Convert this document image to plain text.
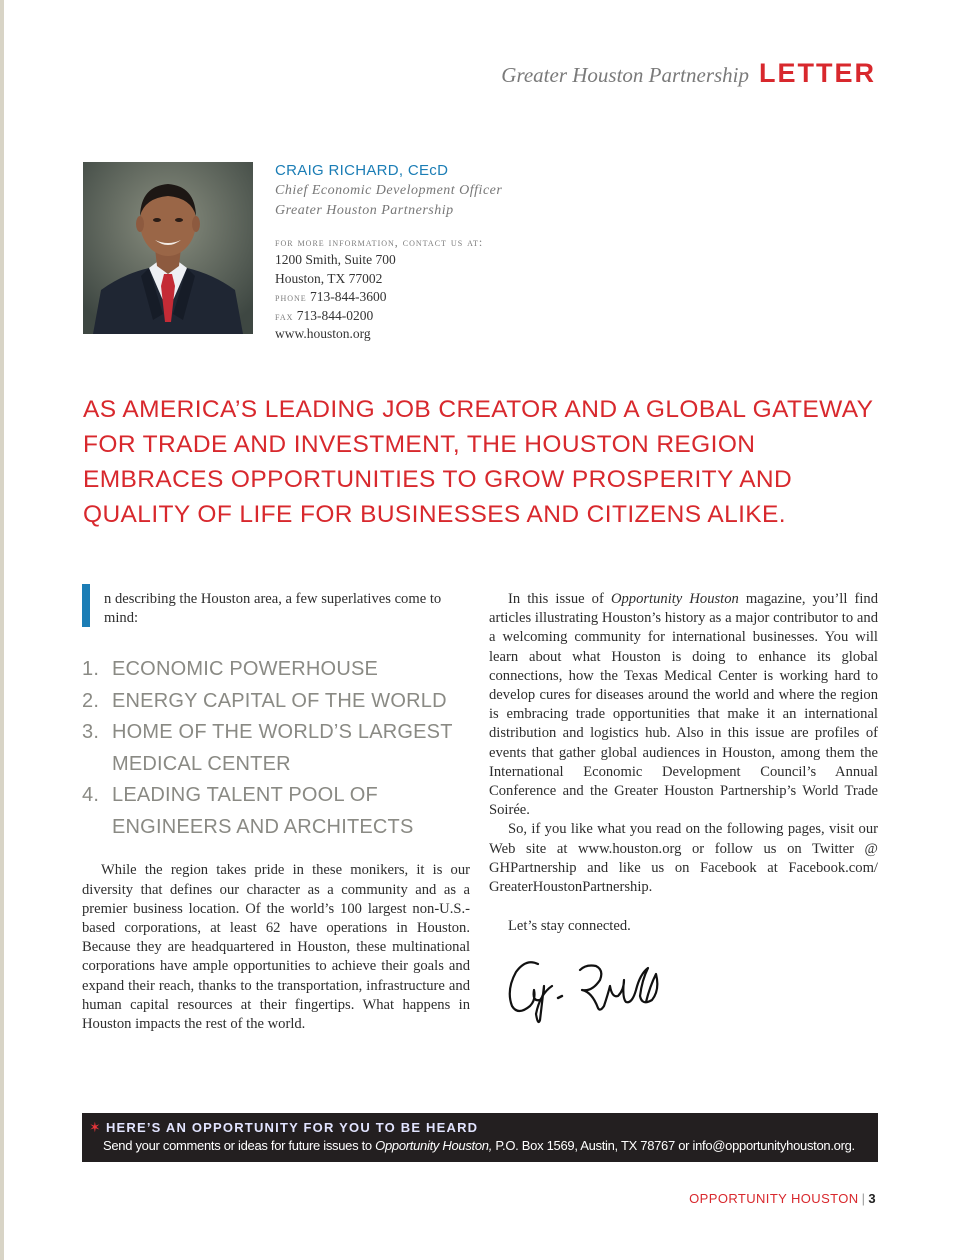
Greater Houston Partnership LETTER

CRAIG RICHARD, CEcD

Chief Economic Development Officer
Greater Houston Partnership
for more information, contact us at:
1200 Smith, Suite 700
Houston, TX 77002
phone 713-844-3600
fax 713-844-0200
www.houston.org
AS AMERICA’S LEADING JOB CREATOR AND A GLOBAL GATEWAY FOR TRADE AND INVESTMENT, THE HOUSTON REGION EMBRACES OPPORTUNITIES TO GROW PROSPERITY AND QUALITY OF LIFE FOR BUSINESSES AND CITIZENS ALIKE.

n describing the Houston area, a few superlatives come to mind:

1. ECONOMIC POWERHOUSE
2. ENERGY CAPITAL OF THE WORLD
3. HOME OF THE WORLD’S LARGEST MEDICAL CENTER
4. LEADING TALENT POOL OF ENGINEERS AND ARCHITECTS

While the region takes pride in these monikers, it is our diversity that defines our character as a community and as a premier business location. Of the world’s 100 largest non-U.S.-based corporations, at least 62 have operations in Houston. Because they are headquartered in Houston, these multinational corporations have ample opportunities to achieve their goals and expand their reach, thanks to the transportation, infrastructure and human capital resources at their fingertips. What happens in Houston impacts the rest of the world.

In this issue of Opportunity Houston magazine, you’ll find articles illustrating Houston’s history as a major contributor to and a welcoming community for international businesses. You will learn about what Houston is doing to enhance its global connections, how the Texas Medical Center is working hard to develop cures for diseases around the world and where the region is embracing trade opportunities that make it an international distribution and logistics hub. Also in this issue are profiles of events that gather global audiences in Houston, among them the International Economic Development Council’s Annual Conference and the Greater Houston Partnership’s World Trade Soirée.

So, if you like what you read on the following pages, visit our Web site at www.houston.org or follow us on Twitter @ GHPartnership and like us on Facebook at Facebook.com/ GreaterHoustonPartnership.

Let’s stay connected.

✶ HERE’S AN OPPORTUNITY FOR YOU TO BE HEARD
Send your comments or ideas for future issues to Opportunity Houston, P.O. Box 1569, Austin, TX 78767 or info@opportunityhouston.org.
OPPORTUNITY HOUSTON | 3
